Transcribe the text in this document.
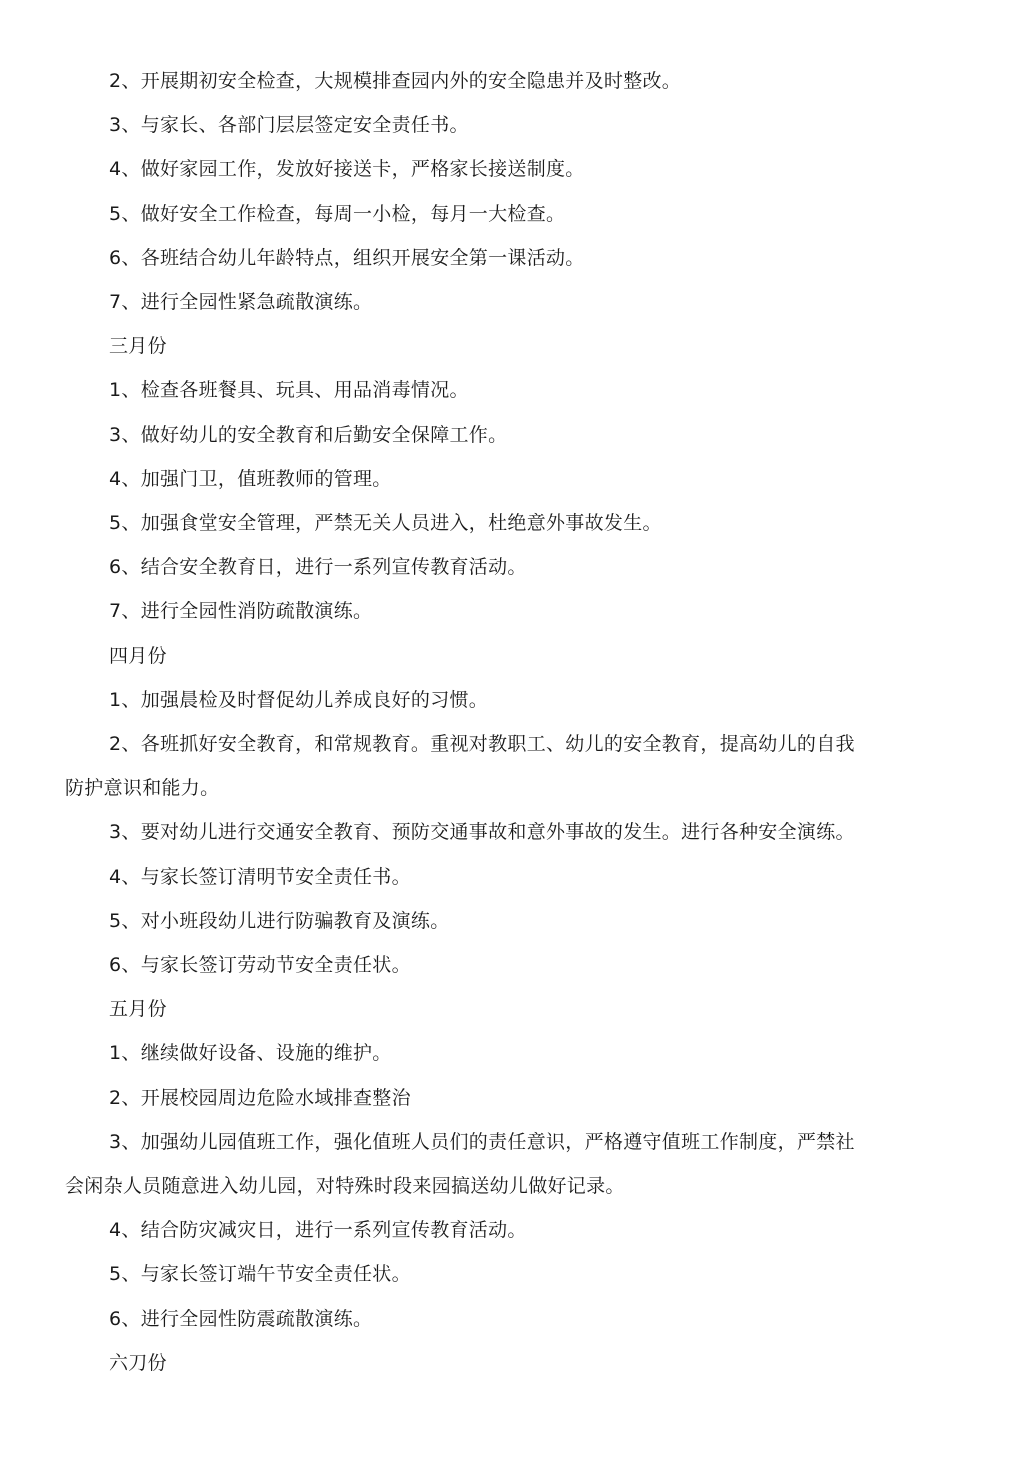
2、开展期初安全检查，大规模排查园内外的安全隐患并及时整改。
3、与家长、各部门层层签定安全责任书。
4、做好家园工作，发放好接送卡，严格家长接送制度。
5、做好安全工作检查，每周一小检，每月一大检查。
6、各班结合幼儿年龄特点，组织开展安全第一课活动。
7、进行全园性紧急疏散演练。
三月份
1、检查各班餐具、玩具、用品消毒情况。
3、做好幼儿的安全教育和后勤安全保障工作。
4、加强门卫，值班教师的管理。
5、加强食堂安全管理，严禁无关人员进入，杜绝意外事故发生。
6、结合安全教育日，进行一系列宣传教育活动。
7、进行全园性消防疏散演练。
四月份
1、加强晨检及时督促幼儿养成良好的习惯。
2、各班抓好安全教育，和常规教育。重视对教职工、幼儿的安全教育，提高幼儿的自我
防护意识和能力。
3、要对幼儿进行交通安全教育、预防交通事故和意外事故的发生。进行各种安全演练。
4、与家长签订清明节安全责任书。
5、对小班段幼儿进行防骗教育及演练。
6、与家长签订劳动节安全责任状。
五月份
1、继续做好设备、设施的维护。
2、开展校园周边危险水域排查整治
3、加强幼儿园值班工作，强化值班人员们的责任意识，严格遵守值班工作制度，严禁社
会闲杂人员随意进入幼儿园，对特殊时段来园搞送幼儿做好记录。
4、结合防灾减灾日，进行一系列宣传教育活动。
5、与家长签订端午节安全责任状。
6、进行全园性防震疏散演练。
六刀份
